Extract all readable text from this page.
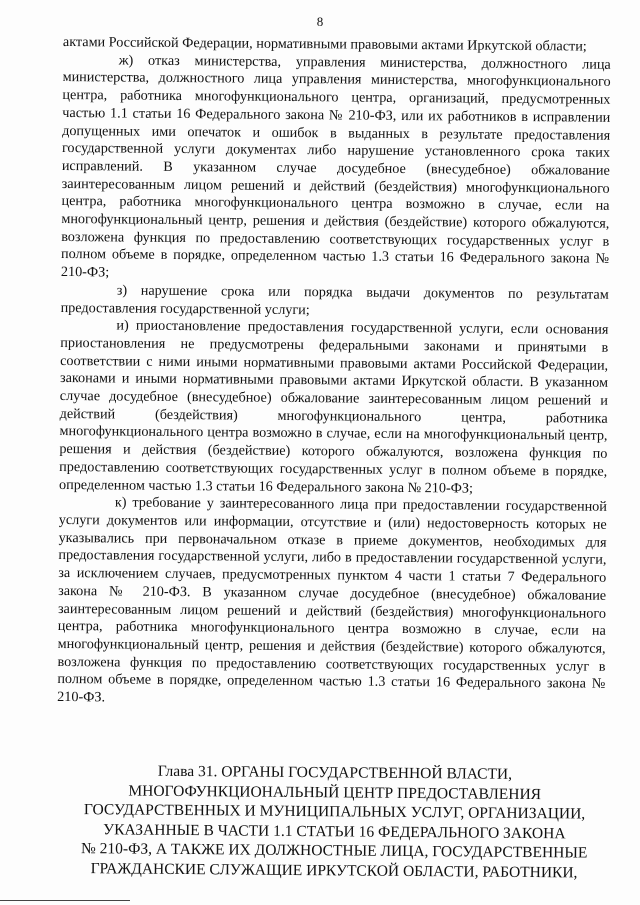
8

актами Российской Федерации, нормативными правовыми актами Иркутской области;

ж) отказ министерства, управления министерства, должностного лица министерства, должностного лица управления министерства, многофункционального центра, работника многофункционального центра, организаций, предусмотренных частью 1.1 статьи 16 Федерального закона № 210-ФЗ, или их работников в исправлении допущенных ими опечаток и ошибок в выданных в результате предоставления государственной услуги документах либо нарушение установленного срока таких исправлений. В указанном случае досудебное (внесудебное) обжалование заинтересованным лицом решений и действий (бездействия) многофункционального центра, работника многофункционального центра возможно в случае, если на многофункциональный центр, решения и действия (бездействие) которого обжалуются, возложена функция по предоставлению соответствующих государственных услуг в полном объеме в порядке, определенном частью 1.3 статьи 16 Федерального закона № 210-ФЗ;

з) нарушение срока или порядка выдачи документов по результатам предоставления государственной услуги;

и) приостановление предоставления государственной услуги, если основания приостановления не предусмотрены федеральными законами и принятыми в соответствии с ними иными нормативными правовыми актами Российской Федерации, законами и иными нормативными правовыми актами Иркутской области. В указанном случае досудебное (внесудебное) обжалование заинтересованным лицом решений и действий (бездействия) многофункционального центра, работника многофункционального центра возможно в случае, если на многофункциональный центр, решения и действия (бездействие) которого обжалуются, возложена функция по предоставлению соответствующих государственных услуг в полном объеме в порядке, определенном частью 1.3 статьи 16 Федерального закона № 210-ФЗ;

к) требование у заинтересованного лица при предоставлении государственной услуги документов или информации, отсутствие и (или) недостоверность которых не указывались при первоначальном отказе в приеме документов, необходимых для предоставления государственной услуги, либо в предоставлении государственной услуги, за исключением случаев, предусмотренных пунктом 4 части 1 статьи 7 Федерального закона № 210-ФЗ. В указанном случае досудебное (внесудебное) обжалование заинтересованным лицом решений и действий (бездействия) многофункционального центра, работника многофункционального центра возможно в случае, если на многофункциональный центр, решения и действия (бездействие) которого обжалуются, возложена функция по предоставлению соответствующих государственных услуг в полном объеме в порядке, определенном частью 1.3 статьи 16 Федерального закона № 210-ФЗ.

Глава 31. ОРГАНЫ ГОСУДАРСТВЕННОЙ ВЛАСТИ,
МНОГОФУНКЦИОНАЛЬНЫЙ ЦЕНТР ПРЕДОСТАВЛЕНИЯ
ГОСУДАРСТВЕННЫХ И МУНИЦИПАЛЬНЫХ УСЛУГ, ОРГАНИЗАЦИИ,
УКАЗАННЫЕ В ЧАСТИ 1.1 СТАТЬИ 16 ФЕДЕРАЛЬНОГО ЗАКОНА
№ 210-ФЗ, А ТАКЖЕ ИХ ДОЛЖНОСТНЫЕ ЛИЦА, ГОСУДАРСТВЕННЫЕ
ГРАЖДАНСКИЕ СЛУЖАЩИЕ ИРКУТСКОЙ ОБЛАСТИ, РАБОТНИКИ,
